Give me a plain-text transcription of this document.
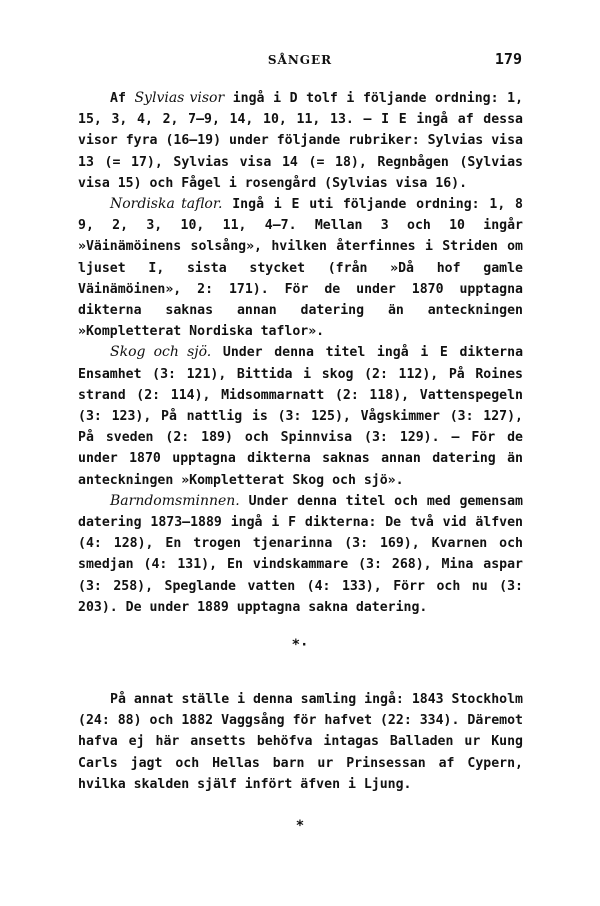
SÅNGER	179

Af Sylvias visor ingå i D tolf i följande ordning: 1, 15, 3, 4, 2, 7—9, 14, 10, 11, 13. — I E ingå af dessa visor fyra (16—19) under följande rubriker: Sylvias visa 13 (= 17), Sylvias visa 14 (= 18), Regnbågen (Sylvias visa 15) och Fågel i rosengård (Sylvias visa 16).

Nordiska taflor. Ingå i E uti följande ordning: 1, 8 9, 2, 3, 10, 11, 4—7. Mellan 3 och 10 ingår »Väinämöinens solsång», hvilken återfinnes i Striden om ljuset I, sista stycket (från »Då hof gamle Väinämöinen», 2: 171). För de under 1870 upptagna dikterna saknas annan datering än anteckningen »Kompletterat Nordiska taflor».

Skog och sjö. Under denna titel ingå i E dikterna Ensamhet (3: 121), Bittida i skog (2: 112), På Roines strand (2: 114), Midsommarnatt (2: 118), Vattenspegeln (3: 123), På nattlig is (3: 125), Vågskimmer (3: 127), På sveden (2: 189) och Spinnvisa (3: 129). — För de under 1870 upptagna dikterna saknas annan datering än anteckningen »Kompletterat Skog och sjö».

Barndomsminnen. Under denna titel och med gemensam datering 1873—1889 ingå i F dikterna: De två vid älfven (4: 128), En trogen tjenarinna (3: 169), Kvarnen och smedjan (4: 131), En vindskammare (3: 268), Mina aspar (3: 258), Speglande vatten (4: 133), Förr och nu (3: 203). De under 1889 upptagna sakna datering.

*·

På annat ställe i denna samling ingå: 1843 Stockholm (24: 88) och 1882 Vaggsång för hafvet (22: 334). Däremot hafva ej här ansetts behöfva intagas Balladen ur Kung Carls jagt och Hellas barn ur Prinsessan af Cypern, hvilka skalden själf infört äfven i Ljung.

*
